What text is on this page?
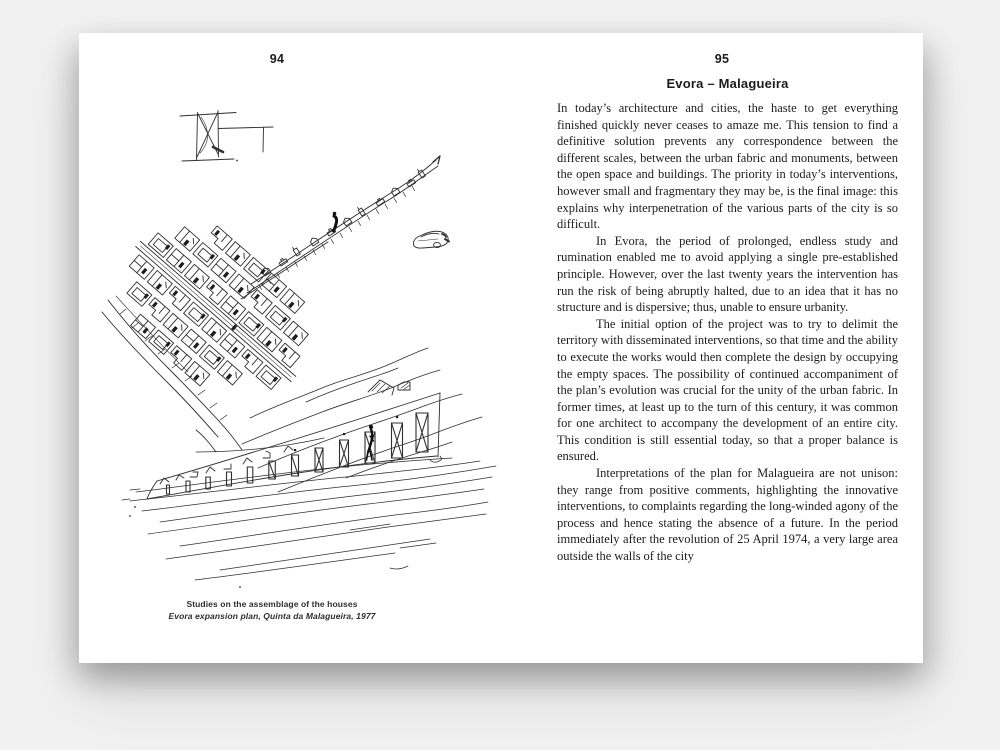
94
Studies on the assemblage of the houses
Evora expansion plan, Quinta da Malagueira, 1977
95
Evora – Malagueira

In today’s architecture and cities, the haste to get everything finished quickly never ceases to amaze me. This tension to find a definitive solution prevents any correspondence between the different scales, between the urban fabric and monuments, between the open space and buildings. The priority in today’s interventions, however small and fragmentary they may be, is the final image: this explains why interpenetration of the various parts of the city is so difficult.

In Evora, the period of prolonged, endless study and rumination enabled me to avoid applying a single pre-established principle. However, over the last twenty years the intervention has run the risk of being abruptly halted, due to an idea that it has no structure and is dispersive; thus, unable to ensure urbanity.

The initial option of the project was to try to delimit the territory with disseminated interventions, so that time and the ability to execute the works would then complete the design by occupying the empty spaces. The possibility of continued accompaniment of the plan’s evolution was crucial for the unity of the urban fabric. In former times, at least up to the turn of this century, it was common for one architect to accompany the development of an entire city. This condition is still essential today, so that a proper balance is ensured.

Interpretations of the plan for Malagueira are not unison: they range from positive comments, highlighting the innovative interventions, to complaints regarding the long-winded agony of the process and hence stating the absence of a future. In the period immediately after the revolution of 25 April 1974, a very large area outside the walls of the city
